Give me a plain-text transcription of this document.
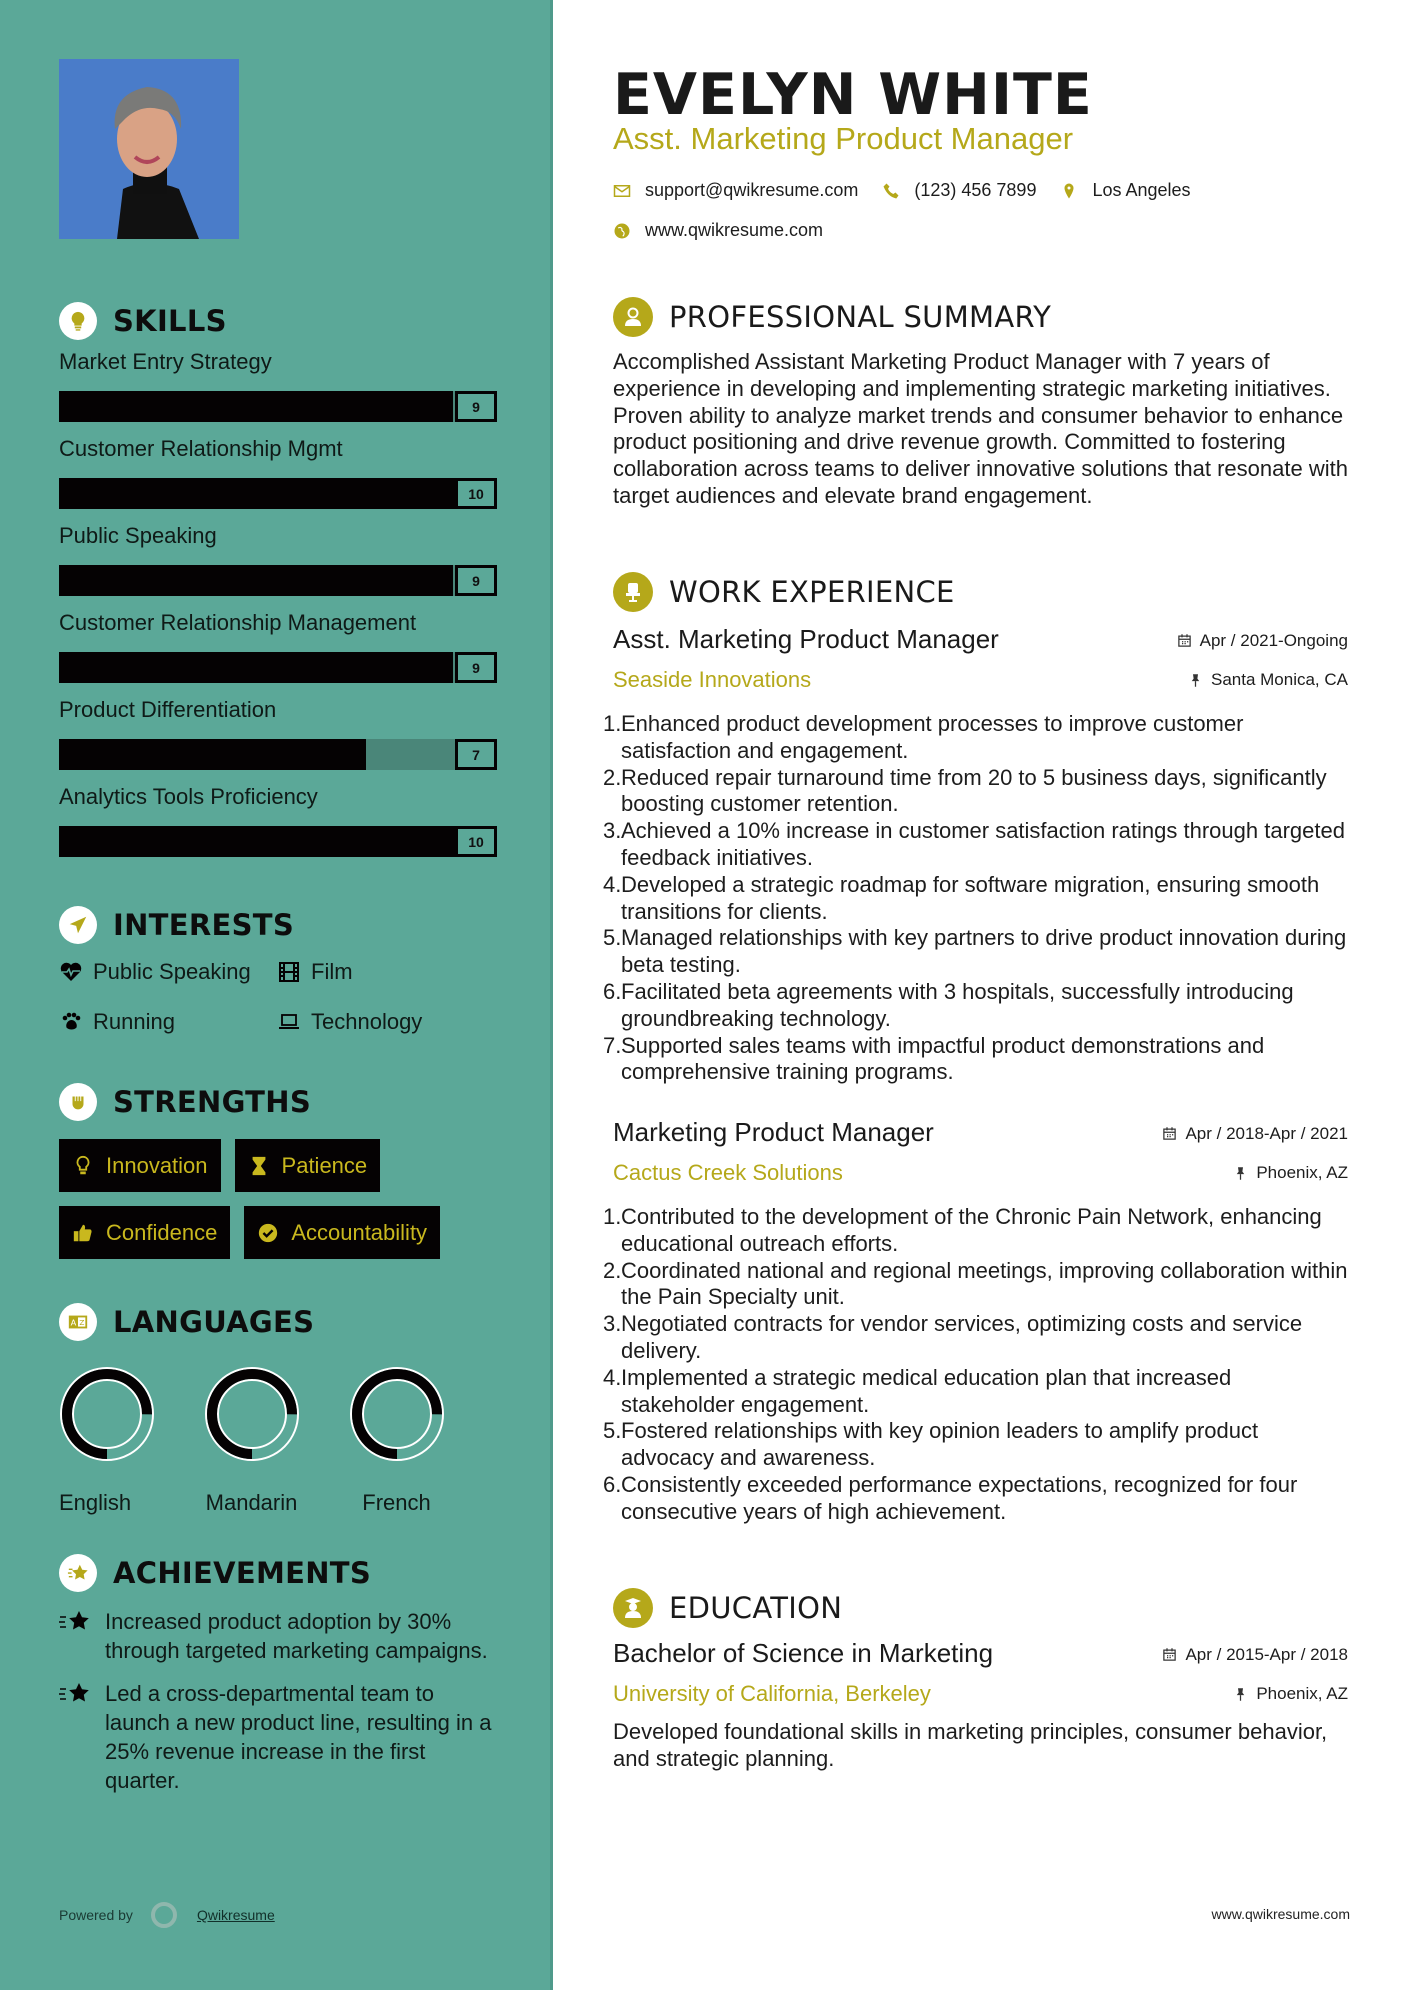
SKILLS
Market Entry Strategy
9
Customer Relationship Mgmt
10
Public Speaking
9
Customer Relationship Management
9
Product Differentiation
7
Analytics Tools Proficiency
10
INTERESTS
Public Speaking	Film
Running	Technology
STRENGTHS
Innovation	Patience
Confidence	Accountability
A Z LANGUAGES
English	Mandarin	French
ACHIEVEMENTS

Increased product adoption by 30% through targeted marketing campaigns.

Led a cross-departmental team to launch a new product line, resulting in a 25% revenue increase in the first quarter.

Powered by	Qwikresume
EVELYN WHITE
Asst. Marketing Product Manager
support@qwikresume.com	(123) 456 7899	Los Angeles
www.qwikresume.com
PROFESSIONAL SUMMARY

Accomplished Assistant Marketing Product Manager with 7 years of experience in developing and implementing strategic marketing initiatives. Proven ability to analyze market trends and consumer behavior to enhance product positioning and drive revenue growth. Committed to fostering collaboration across teams to deliver innovative solutions that resonate with target audiences and elevate brand engagement.

WORK EXPERIENCE
Asst. Marketing Product Manager	Apr / 2021-Ongoing
Seaside Innovations	Santa Monica, CA
1. Enhanced product development processes to improve customer satisfaction and engagement.
2. Reduced repair turnaround time from 20 to 5 business days, significantly boosting customer retention.
3. Achieved a 10% increase in customer satisfaction ratings through targeted feedback initiatives.
4. Developed a strategic roadmap for software migration, ensuring smooth transitions for clients.
5. Managed relationships with key partners to drive product innovation during beta testing.
6. Facilitated beta agreements with 3 hospitals, successfully introducing groundbreaking technology.
7. Supported sales teams with impactful product demonstrations and comprehensive training programs.
Marketing Product Manager	Apr / 2018-Apr / 2021
Cactus Creek Solutions	Phoenix, AZ
1. Contributed to the development of the Chronic Pain Network, enhancing educational outreach efforts.
2. Coordinated national and regional meetings, improving collaboration within the Pain Specialty unit.
3. Negotiated contracts for vendor services, optimizing costs and service delivery.
4. Implemented a strategic medical education plan that increased stakeholder engagement.
5. Fostered relationships with key opinion leaders to amplify product advocacy and awareness.
6. Consistently exceeded performance expectations, recognized for four consecutive years of high achievement.
EDUCATION
Bachelor of Science in Marketing	Apr / 2015-Apr / 2018
University of California, Berkeley	Phoenix, AZ

Developed foundational skills in marketing principles, consumer behavior, and strategic planning.

www.qwikresume.com
